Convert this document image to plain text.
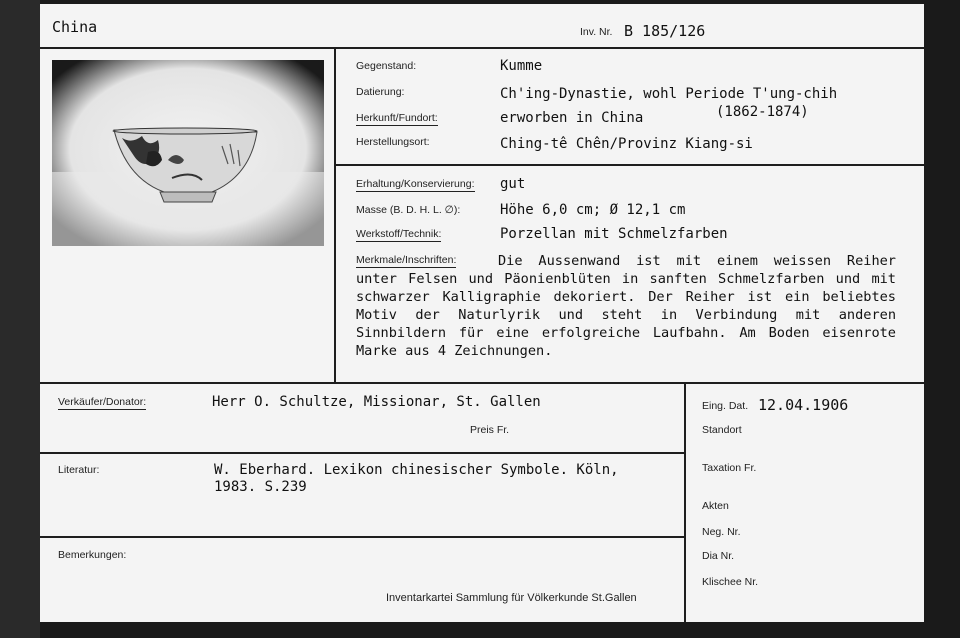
China	Inv. Nr. B 185/126
Gegenstand:	Kumme
Datierung:	Ch'ing-Dynastie, wohl Periode T'ung-chih
(1862-1874)
Herkunft/Fundort:	erworben in China
Herstellungsort:	Ching-tê Chên/Provinz Kiang-si
Erhaltung/Konservierung: gut
Masse (B. D. H. L. ∅):	Höhe 6,0 cm; Ø 12,1 cm
Werkstoff/Technik:	Porzellan mit Schmelzfarben
Merkmale/Inschriften:	Die Aussenwand ist mit einem weissen Reiher unter Felsen und Päonienblüten in sanften Schmelzfarben und mit schwarzer Kalligraphie dekoriert. Der Reiher ist ein beliebtes Motiv der Naturlyrik und steht in Verbindung mit anderen Sinnbildern für eine erfolgreiche Laufbahn. Am Boden eisenrote Marke aus 4 Zeichnungen.
Verkäufer/Donator:	Herr O. Schultze, Missionar, St. Gallen
Preis Fr.
Literatur:	W. Eberhard. Lexikon chinesischer Symbole. Köln,
1983. S.239
Bemerkungen:
Inventarkartei Sammlung für Völkerkunde St.Gallen
Eing. Dat. 12.04.1906
Standort
Taxation Fr.
Akten
Neg. Nr.
Dia Nr.
Klischee Nr.
